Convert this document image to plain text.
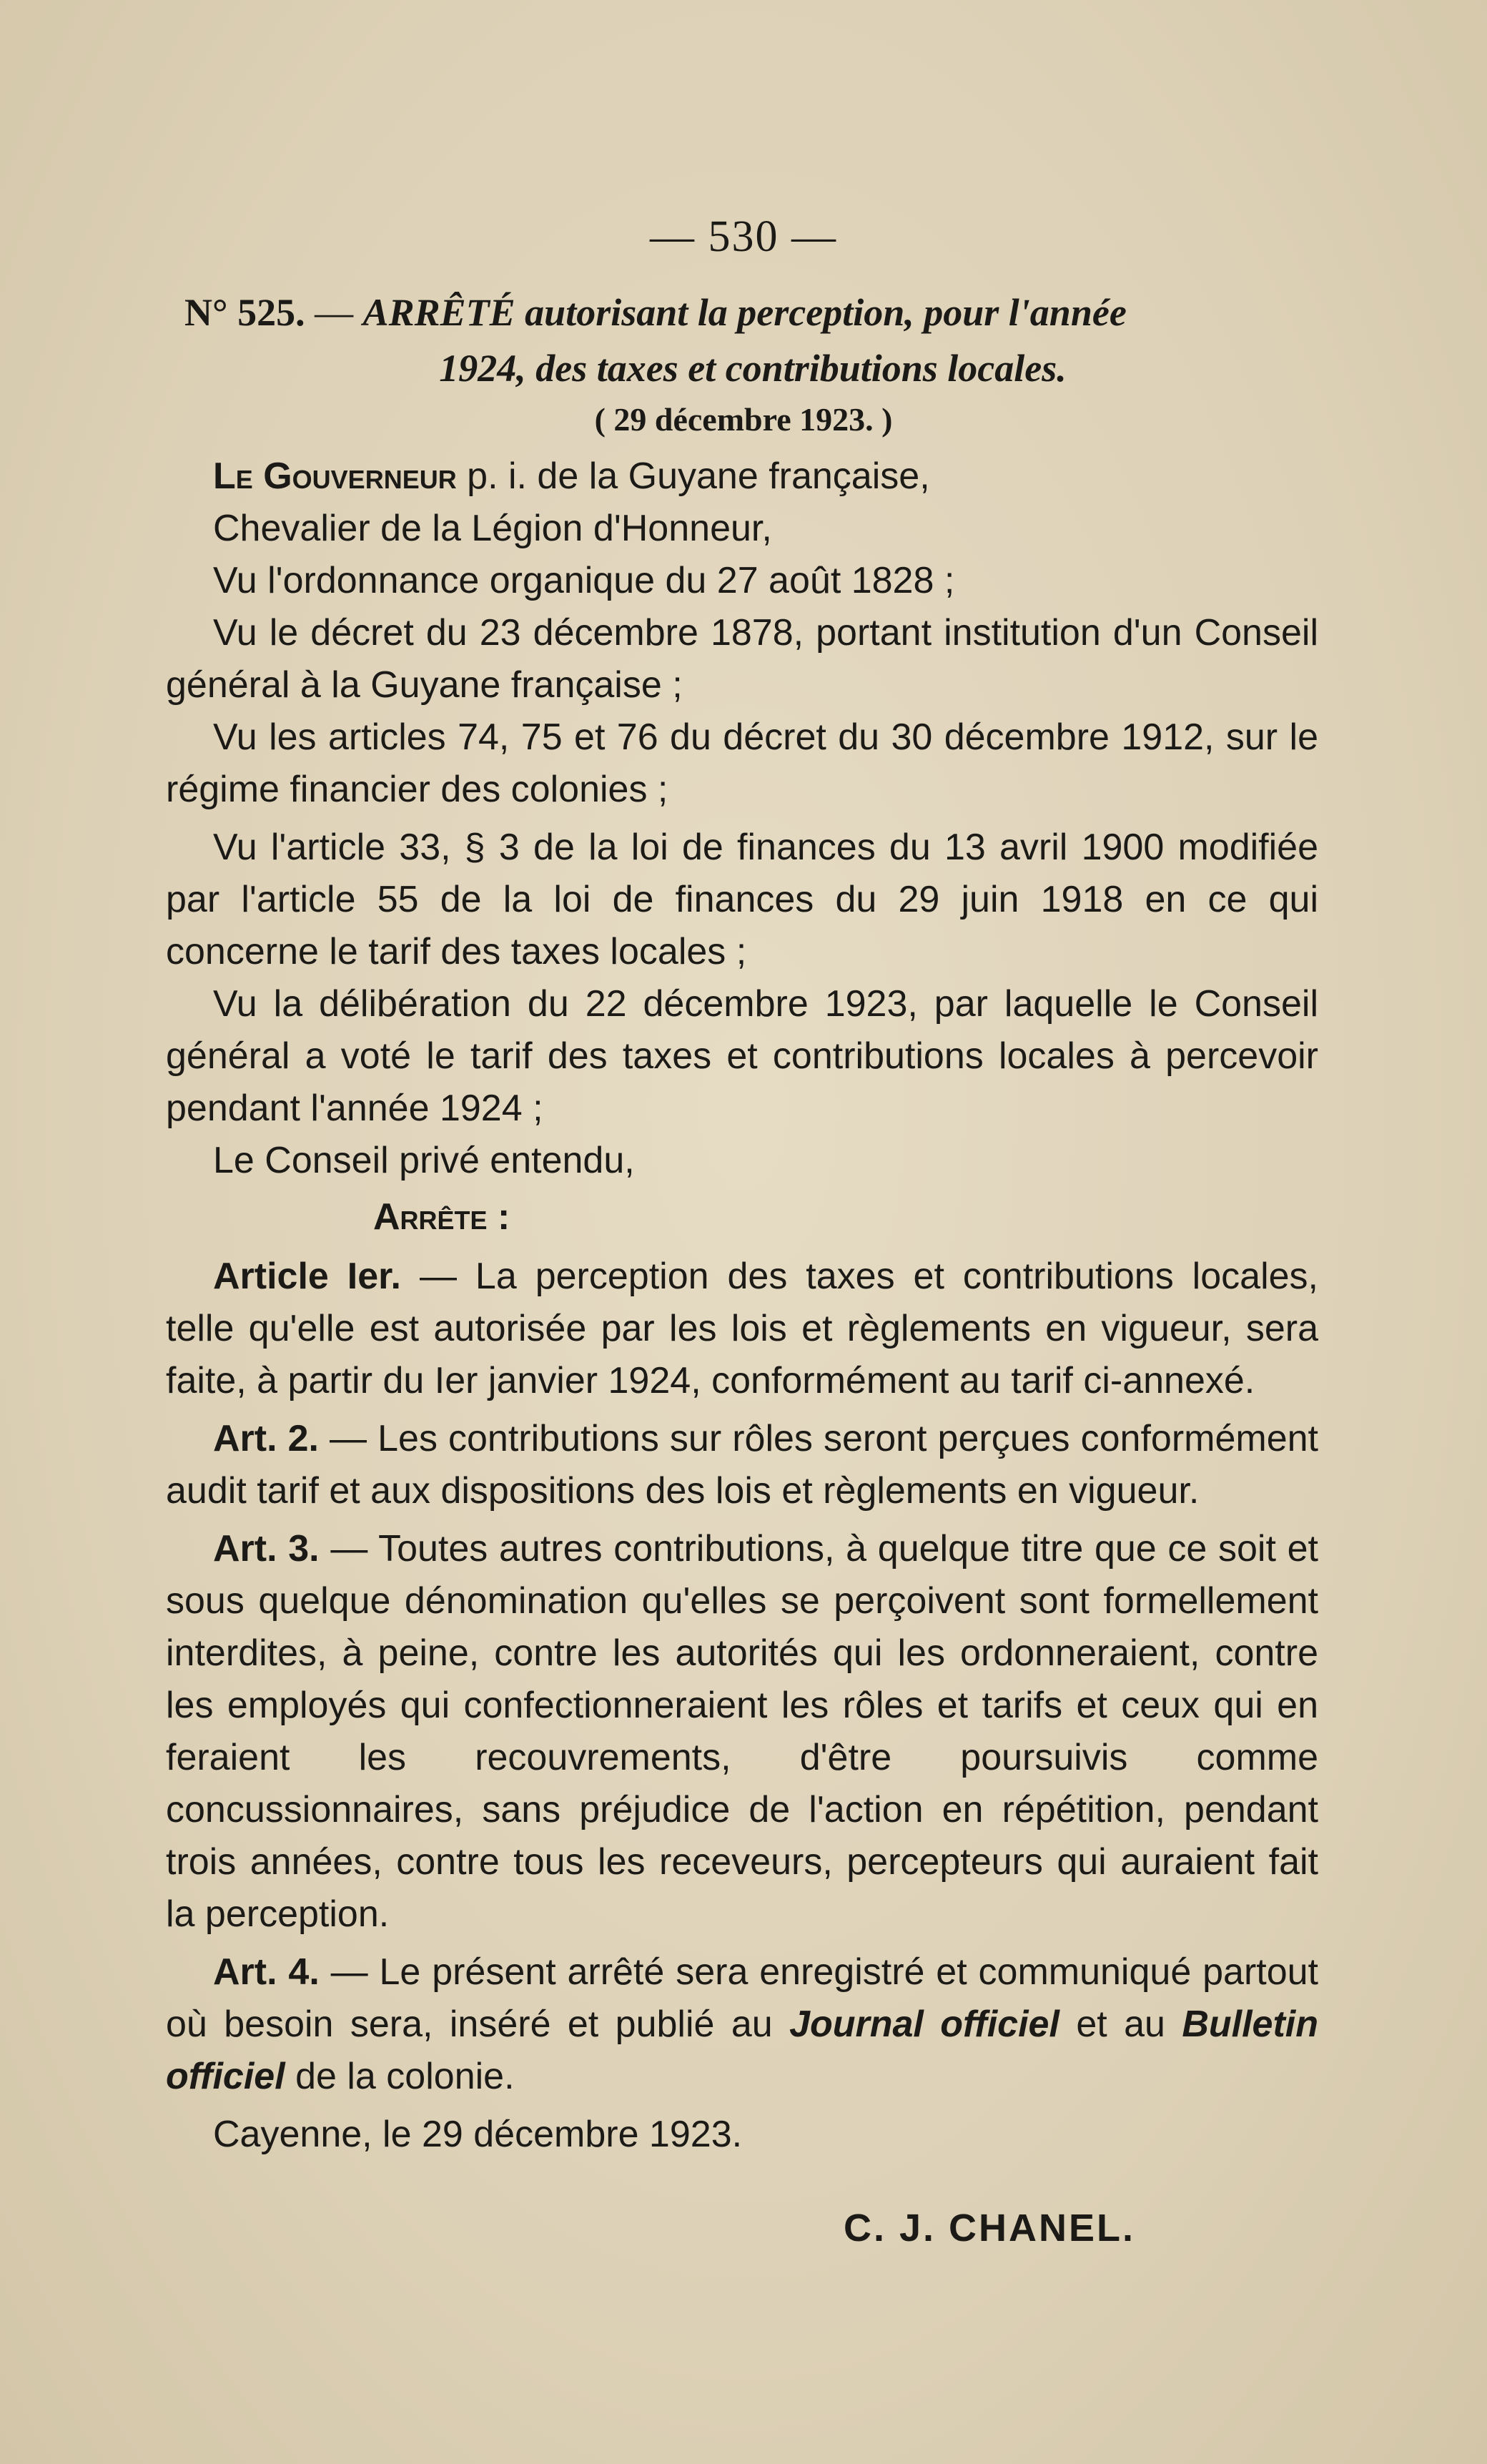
— 530 —
N° 525. — ARRÊTÉ autorisant la perception, pour l'année
1924, des taxes et contributions locales.
( 29 décembre 1923. )

Le Gouverneur p. i. de la Guyane française,

Chevalier de la Légion d'Honneur,

Vu l'ordonnance organique du 27 août 1828 ;

Vu le décret du 23 décembre 1878, portant institution d'un Conseil général à la Guyane française ;

Vu les articles 74, 75 et 76 du décret du 30 décembre 1912, sur le régime financier des colonies ;

Vu l'article 33, § 3 de la loi de finances du 13 avril 1900 modifiée par l'article 55 de la loi de finances du 29 juin 1918 en ce qui concerne le tarif des taxes locales ;

Vu la délibération du 22 décembre 1923, par laquelle le Conseil général a voté le tarif des taxes et contributions locales à percevoir pendant l'année 1924 ;

Le Conseil privé entendu,

Arrête :

Article Ier. — La perception des taxes et contributions locales, telle qu'elle est autorisée par les lois et règlements en vigueur, sera faite, à partir du Ier janvier 1924, conformément au tarif ci-annexé.

Art. 2. — Les contributions sur rôles seront perçues conformément audit tarif et aux dispositions des lois et règlements en vigueur.

Art. 3. — Toutes autres contributions, à quelque titre que ce soit et sous quelque dénomination qu'elles se perçoivent sont formellement interdites, à peine, contre les autorités qui les ordonneraient, contre les employés qui confectionneraient les rôles et tarifs et ceux qui en feraient les recouvrements, d'être poursuivis comme concussionnaires, sans préjudice de l'action en répétition, pendant trois années, contre tous les receveurs, percepteurs qui auraient fait la perception.

Art. 4. — Le présent arrêté sera enregistré et communiqué partout où besoin sera, inséré et publié au Journal officiel et au Bulletin officiel de la colonie.

Cayenne, le 29 décembre 1923.

C. J. CHANEL.
